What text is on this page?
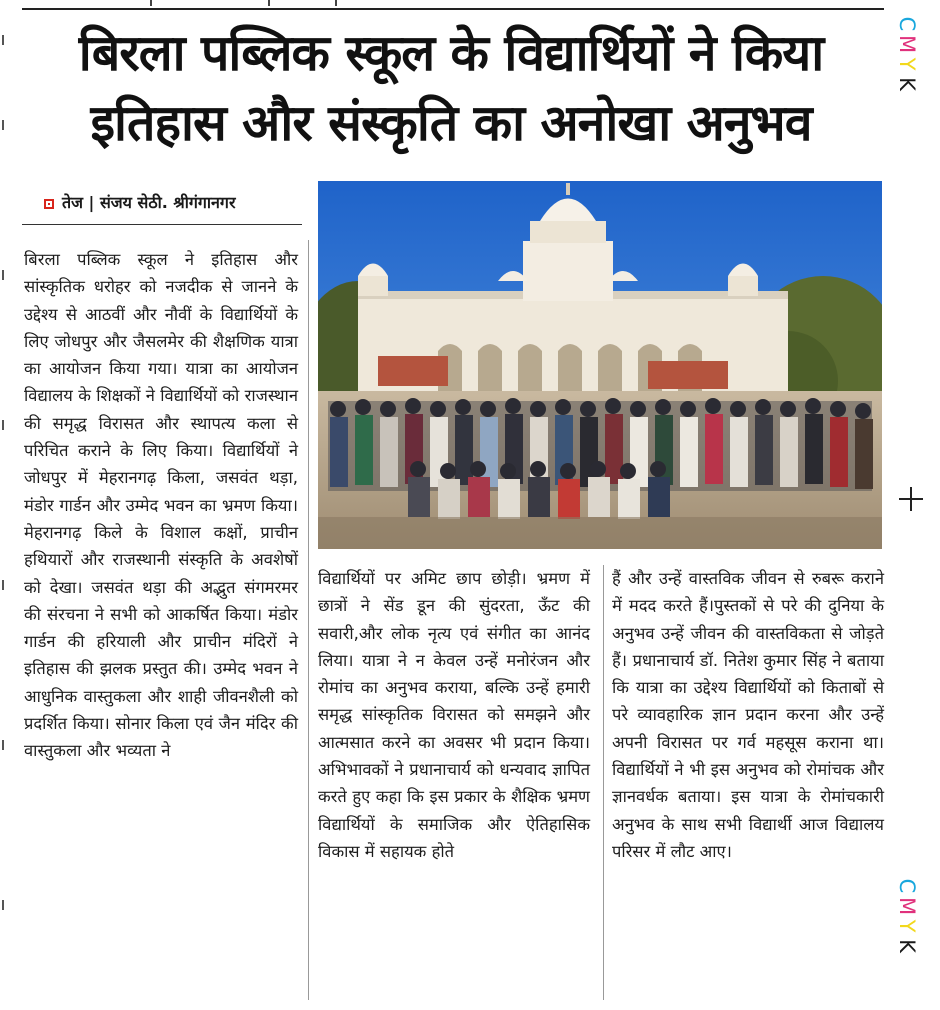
बिरला पब्लिक स्कूल के विद्यार्थियों ने किया
इतिहास और संस्कृति का अनोखा अनुभव
C
M
Y
K
C
M
Y
K
तेज | संजय सेठी. श्रीगंगानगर

बिरला पब्लिक स्कूल ने इतिहास और सांस्कृतिक धरोहर को नजदीक से जानने के उद्देश्य से आठवीं और नौवीं के विद्यार्थियों के लिए जोधपुर और जैसलमेर की शैक्षणिक यात्रा का आयोजन किया गया। यात्रा का आयोजन विद्यालय के शिक्षकों ने विद्यार्थियों को राजस्थान की समृद्ध विरासत और स्थापत्य कला से परिचित कराने के लिए किया। विद्यार्थियों ने जोधपुर में मेहरानगढ़ किला, जसवंत थड़ा, मंडोर गार्डन और उम्मेद भवन का भ्रमण किया। मेहरानगढ़ किले के विशाल कक्षों, प्राचीन हथियारों और राजस्थानी संस्कृति के अवशेषों को देखा। जसवंत थड़ा की अद्भुत संगमरमर की संरचना ने सभी को आकर्षित किया। मंडोर गार्डन की हरियाली और प्राचीन मंदिरों ने इतिहास की झलक प्रस्तुत की। उम्मेद भवन ने आधुनिक वास्तुकला और शाही जीवनशैली को प्रदर्शित किया। सोनार किला एवं जैन मंदिर की वास्तुकला और भव्यता ने

विद्यार्थियों पर अमिट छाप छोड़ी। भ्रमण में छात्रों ने सेंड डून की सुंदरता, ऊँट की सवारी,और लोक नृत्य एवं संगीत का आनंद लिया। यात्रा ने न केवल उन्हें मनोरंजन और रोमांच का अनुभव कराया, बल्कि उन्हें हमारी समृद्ध सांस्कृतिक विरासत को समझने और आत्मसात करने का अवसर भी प्रदान किया। अभिभावकों ने प्रधानाचार्य को धन्यवाद ज्ञापित करते हुए कहा कि इस प्रकार के शैक्षिक भ्रमण विद्यार्थियों के समाजिक और ऐतिहासिक विकास में सहायक होते

हैं और उन्हें वास्तविक जीवन से रुबरू कराने में मदद करते हैं।पुस्तकों से परे की दुनिया के अनुभव उन्हें जीवन की वास्तविकता से जोड़ते हैं। प्रधानाचार्य डॉ. नितेश कुमार सिंह ने बताया कि यात्रा का उद्देश्य विद्यार्थियों को किताबों से परे व्यावहारिक ज्ञान प्रदान करना और उन्हें अपनी विरासत पर गर्व महसूस कराना था। विद्यार्थियों ने भी इस अनुभव को रोमांचक और ज्ञानवर्धक बताया। इस यात्रा के रोमांचकारी अनुभव के साथ सभी विद्यार्थी आज विद्यालय परिसर में लौट आए।
